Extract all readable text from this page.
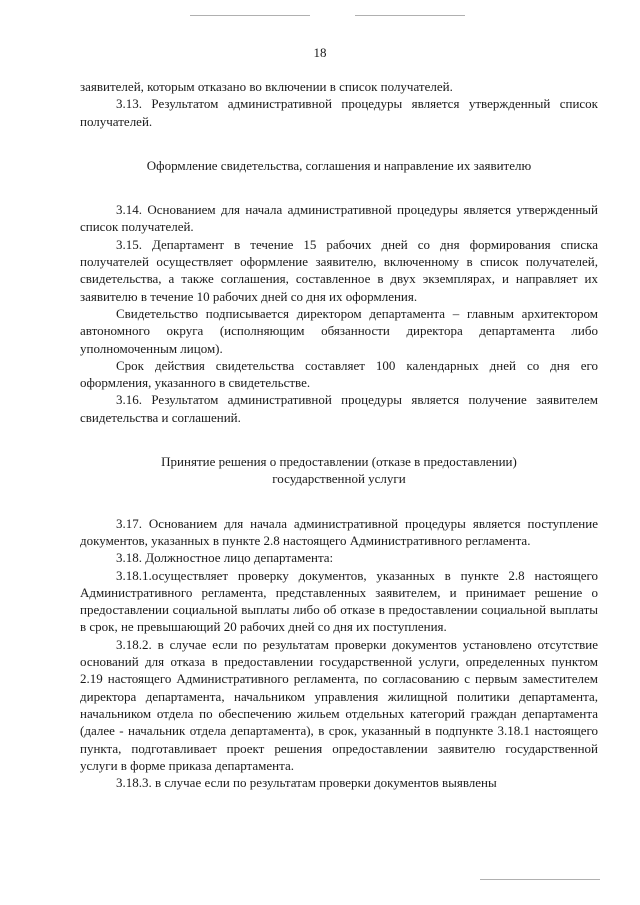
18

заявителей, которым отказано во включении в список получателей.

3.13. Результатом административной процедуры является утвержденный список получателей.

Оформление свидетельства, соглашения и направление их заявителю

3.14. Основанием для начала административной процедуры является утвержденный список получателей.

3.15. Департамент в течение 15 рабочих дней со дня формирования списка получателей осуществляет оформление заявителю, включенному в список получателей, свидетельства, а также соглашения, составленное в двух экземплярах, и направляет их заявителю в течение 10 рабочих дней со дня их оформления.

Свидетельство подписывается директором департамента – главным архитектором автономного округа (исполняющим обязанности директора департамента либо уполномоченным лицом).

Срок действия свидетельства составляет 100 календарных дней со дня его оформления, указанного в свидетельстве.

3.16. Результатом административной процедуры является получение заявителем свидетельства и соглашений.

Принятие решения о предоставлении (отказе в предоставлении)

государственной услуги

3.17. Основанием для начала административной процедуры является поступление документов, указанных в пункте 2.8 настоящего Административного регламента.

3.18. Должностное лицо департамента:

3.18.1.осуществляет проверку документов, указанных в пункте 2.8 настоящего Административного регламента, представленных заявителем, и принимает решение о предоставлении социальной выплаты либо об отказе в предоставлении социальной выплаты в срок, не превышающий 20 рабочих дней со дня их поступления.

3.18.2. в случае если по результатам проверки документов установлено отсутствие оснований для отказа в предоставлении государственной услуги, определенных пунктом 2.19 настоящего Административного регламента, по согласованию с первым заместителем директора департамента, начальником управления жилищной политики департамента, начальником отдела по обеспечению жильем отдельных категорий граждан департамента (далее - начальник отдела департамента), в срок, указанный в подпункте 3.18.1 настоящего пункта, подготавливает проект решения опредоставлении заявителю государственной услуги в форме приказа департамента.

3.18.3. в случае если по результатам проверки документов выявлены
